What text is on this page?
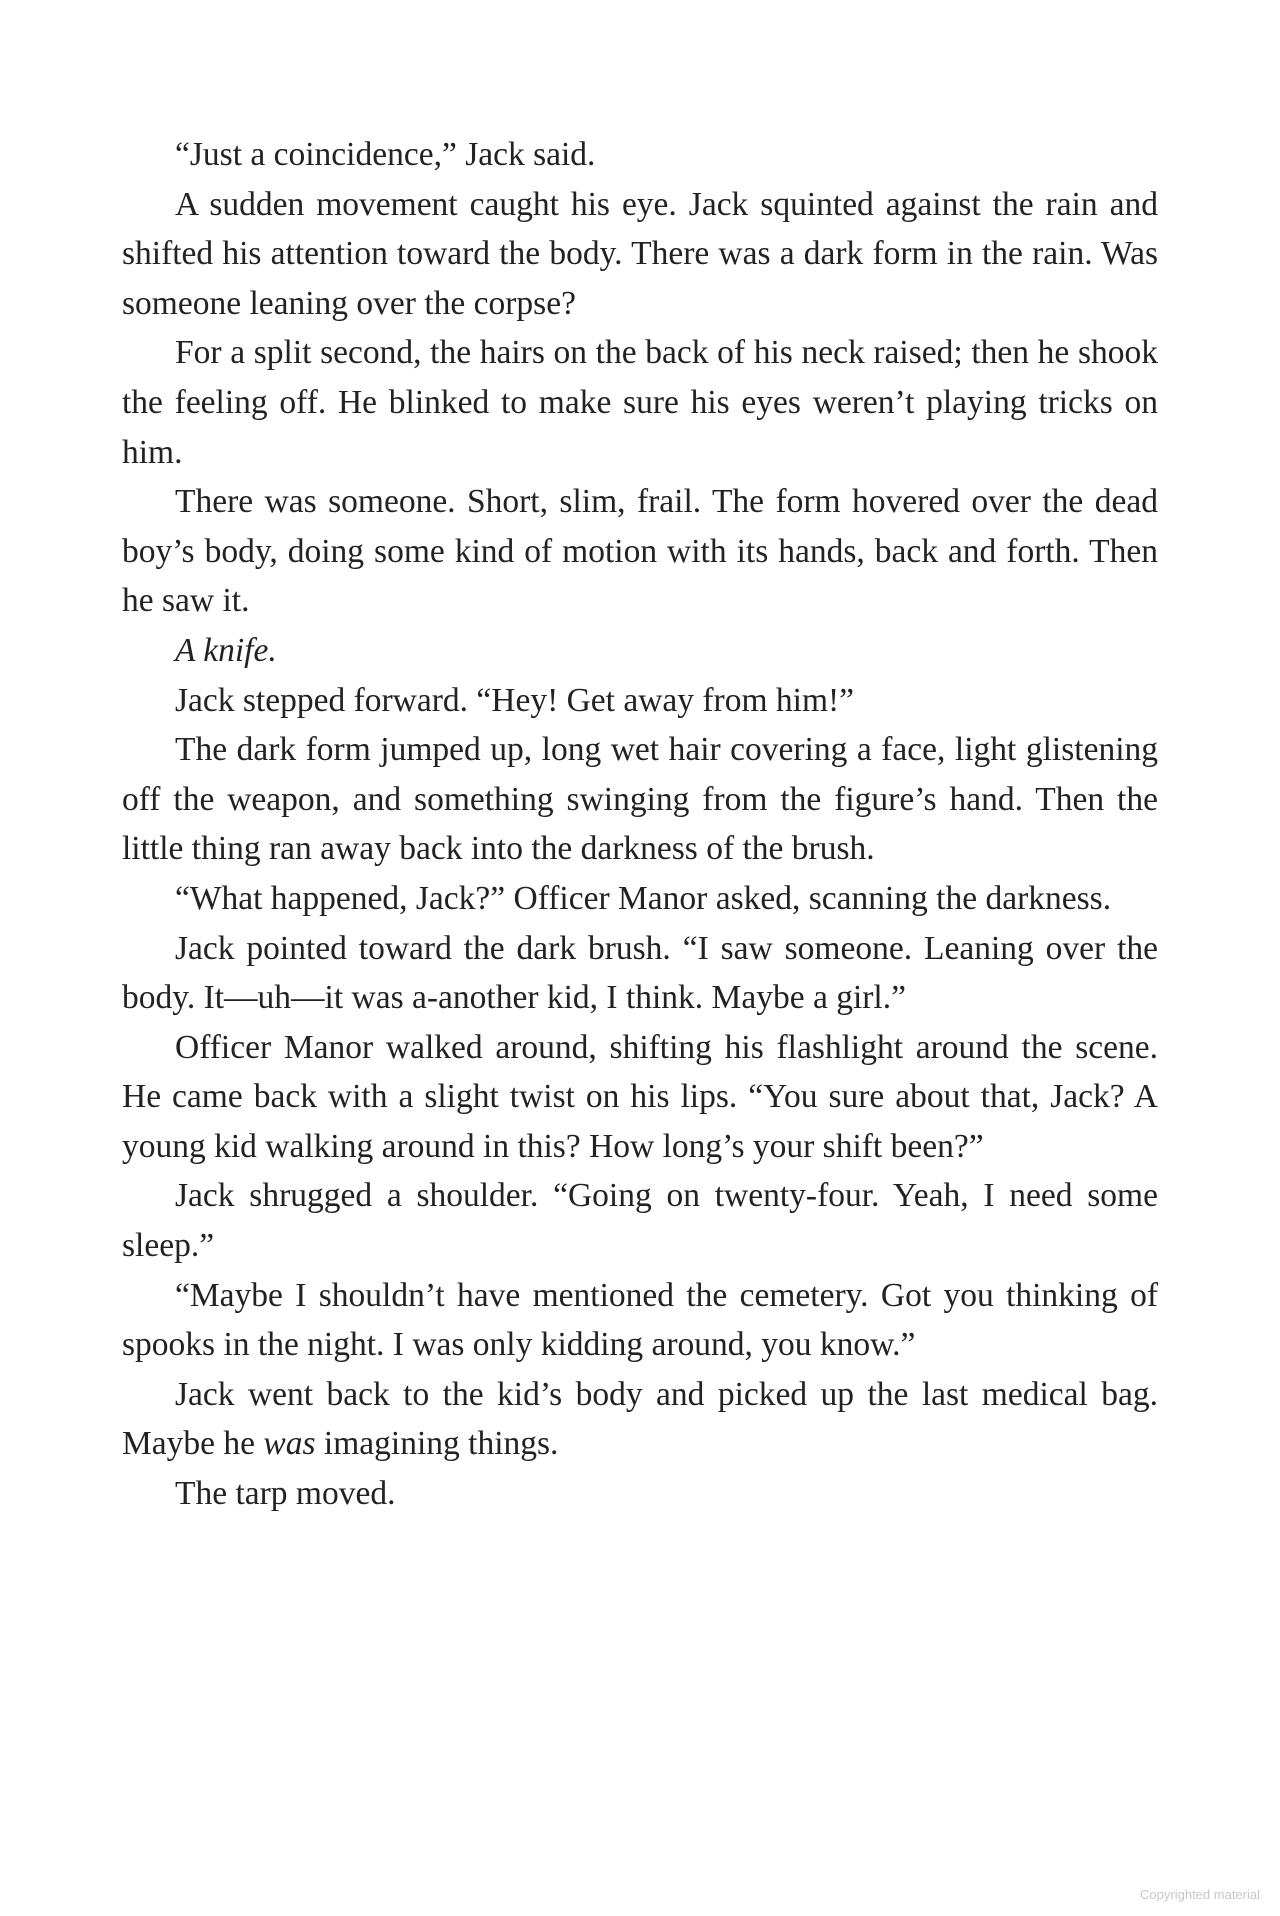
“Just a coincidence,” Jack said.

A sudden movement caught his eye. Jack squinted against the rain and shifted his attention toward the body. There was a dark form in the rain. Was someone leaning over the corpse?

For a split second, the hairs on the back of his neck raised; then he shook the feeling off. He blinked to make sure his eyes weren’t playing tricks on him.

There was someone. Short, slim, frail. The form hovered over the dead boy’s body, doing some kind of motion with its hands, back and forth. Then he saw it.

A knife.

Jack stepped forward. “Hey! Get away from him!”

The dark form jumped up, long wet hair covering a face, light glistening off the weapon, and something swinging from the figure’s hand. Then the little thing ran away back into the darkness of the brush.

“What happened, Jack?” Officer Manor asked, scanning the darkness.

Jack pointed toward the dark brush. “I saw someone. Leaning over the body. It—uh—it was a-another kid, I think. Maybe a girl.”

Officer Manor walked around, shifting his flashlight around the scene. He came back with a slight twist on his lips. “You sure about that, Jack? A young kid walking around in this? How long’s your shift been?”

Jack shrugged a shoulder. “Going on twenty-four. Yeah, I need some sleep.”

“Maybe I shouldn’t have mentioned the cemetery. Got you thinking of spooks in the night. I was only kidding around, you know.”

Jack went back to the kid’s body and picked up the last medical bag. Maybe he was imagining things.

The tarp moved.

Copyrighted material
